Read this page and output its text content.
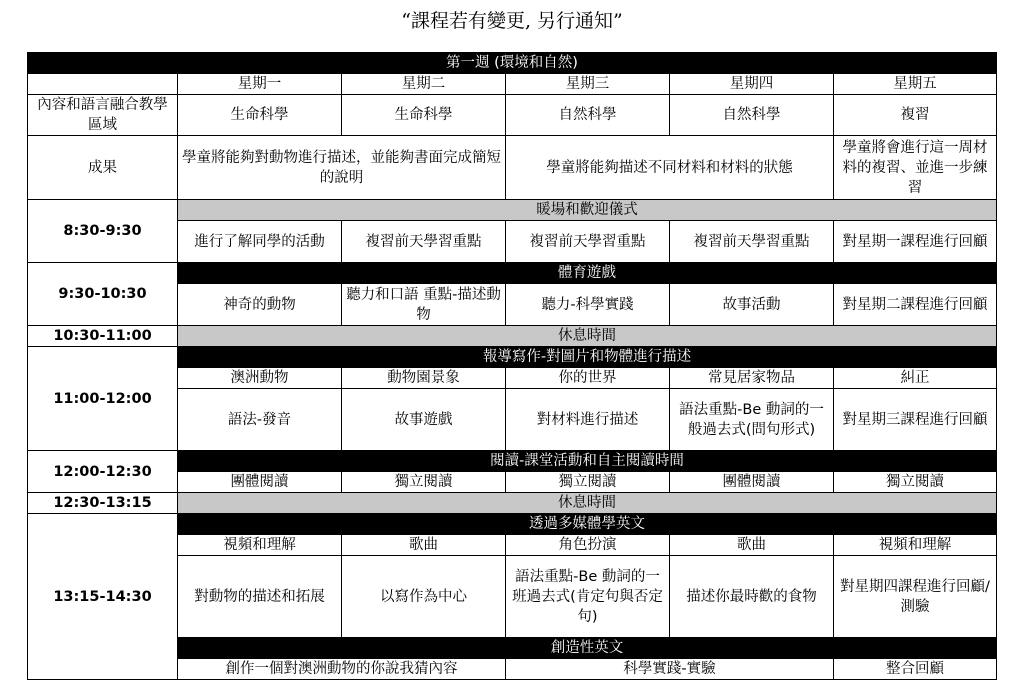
“課程若有變更, 另行通知”
第一週 (環境和自然)					
	星期一	星期二	星期三	星期四	星期五
內容和語言融合教學區域	生命科學	生命科學	自然科學	自然科學	複習
成果	學童將能夠對動物進行描述，並能夠書面完成簡短的說明		學童將能夠描述不同材料和材料的狀態		學童將會進行這一周材料的複習、並進一步練習
8:30-9:30	暖場和歡迎儀式				
	進行了解同學的活動	複習前天學習重點	複習前天學習重點	複習前天學習重點	對星期一課程進行回顧
9:30-10:30	體育遊戲				
	神奇的動物	聽力和口語 重點-描述動物	聽力-科學實踐	故事活動	對星期二課程進行回顧
10:30-11:00	休息時間				
11:00-12:00	報導寫作-對圖片和物體進行描述				
	澳洲動物	動物園景象	你的世界	常見居家物品	糾正
	語法-發音	故事遊戲	對材料進行描述	語法重點-Be 動詞的一般過去式(問句形式)	對星期三課程進行回顧
12:00-12:30	閱讀-課堂活動和自主閱讀時間				
	團體閱讀	獨立閱讀	獨立閱讀	團體閱讀	獨立閱讀
12:30-13:15	休息時間				
13:15-14:30	透過多媒體學英文				
	視頻和理解	歌曲	角色扮演	歌曲	視頻和理解
	對動物的描述和拓展	以寫作為中心	語法重點-Be 動詞的一班過去式(肯定句與否定句)	描述你最時歡的食物	對星期四課程進行回顧/測驗
	創造性英文				
	創作一個對澳洲動物的你說我猜內容		科學實踐-實驗		整合回顧
